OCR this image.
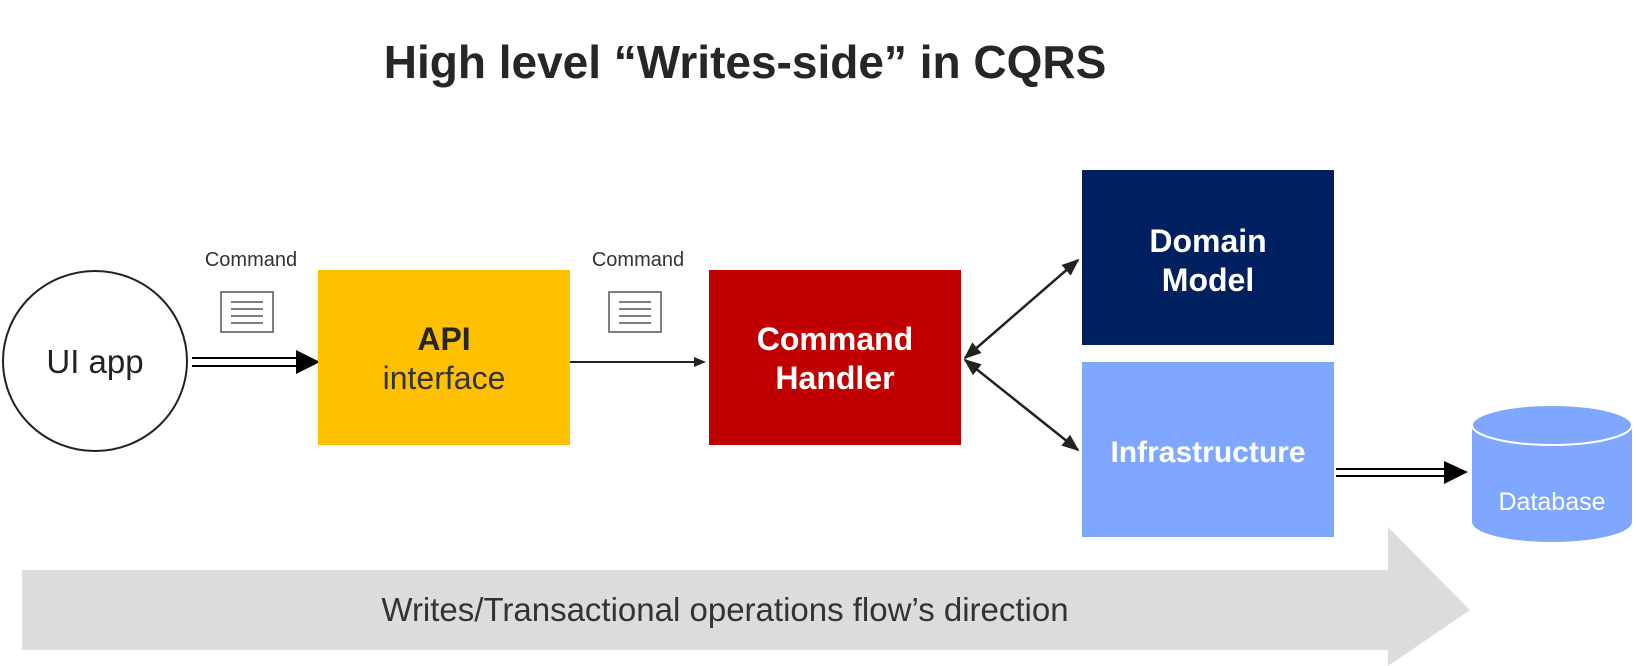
High level “Writes-side” in CQRS
Writes/Transactional operations flow’s direction
UI app
Command
API
interface
Command
Command
Handler
Domain
Model
Infrastructure
Database
